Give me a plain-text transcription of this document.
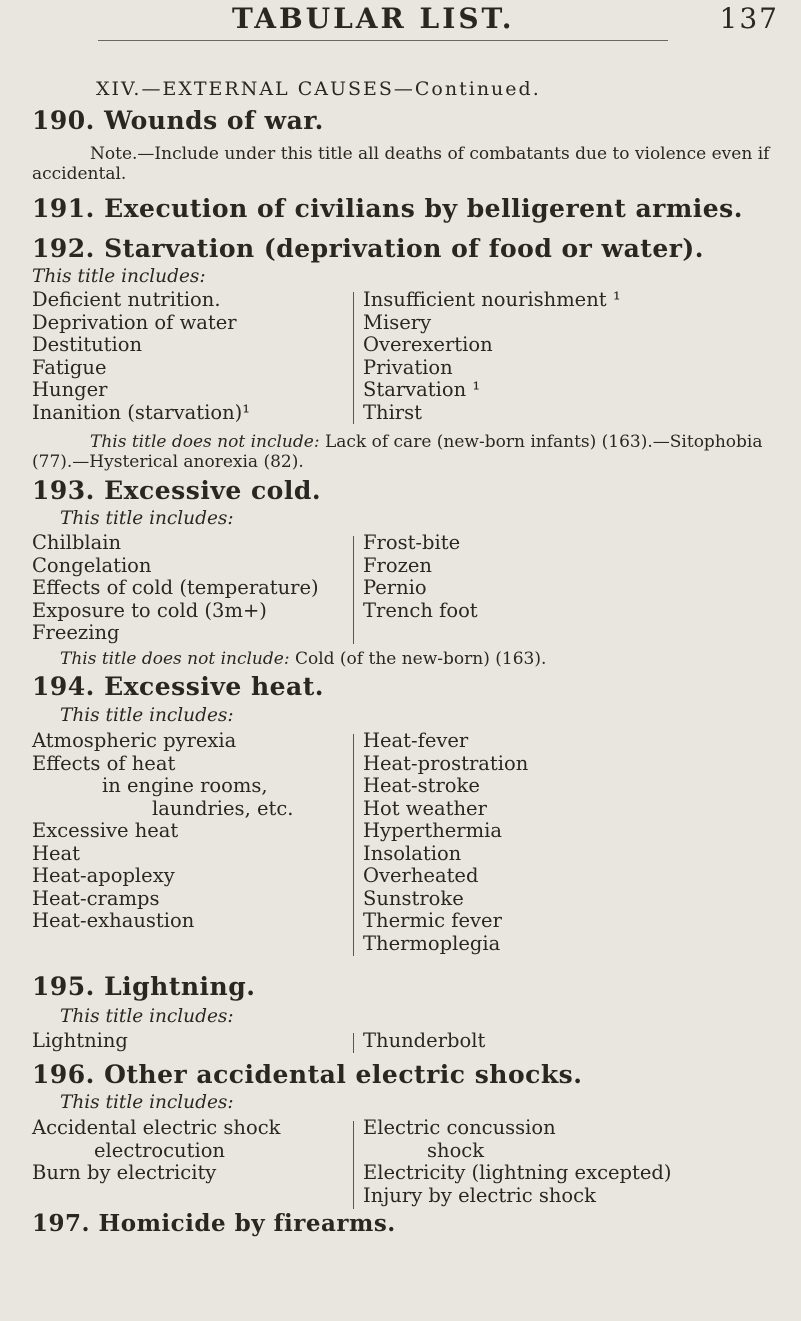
TABULAR LIST.	137
XIV.—EXTERNAL CAUSES—Continued.
190. Wounds of war.
Note.—Include under this title all deaths of combatants due to violence even if accidental.
191. Execution of civilians by belligerent armies.
192. Starvation (deprivation of food or water).
This title includes:
Deficient nutrition.
Deprivation of water
Destitution
Fatigue
Hunger
Inanition (starvation)¹
Insufficient nourishment ¹
Misery
Overexertion
Privation
Starvation ¹
Thirst
This title does not include: Lack of care (new-born infants) (163).—Sitophobia (77).—Hysterical anorexia (82).
193. Excessive cold.
This title includes:
Chilblain
Congelation
Effects of cold (temperature)
Exposure to cold (3m+)
Freezing
Frost-bite
Frozen
Pernio
Trench foot
This title does not include: Cold (of the new-born) (163).
194. Excessive heat.
This title includes:
Atmospheric pyrexia
Effects of heat
in engine rooms,
laundries, etc.
Excessive heat
Heat
Heat-apoplexy
Heat-cramps
Heat-exhaustion
Heat-fever
Heat-prostration
Heat-stroke
Hot weather
Hyperthermia
Insolation
Overheated
Sunstroke
Thermic fever
Thermoplegia
195. Lightning.
This title includes:
Lightning	Thunderbolt
196. Other accidental electric shocks.
This title includes:
Accidental electric shock
electrocution
Burn by electricity
Electric concussion
shock
Electricity (lightning excepted)
Injury by electric shock
197. Homicide by firearms.
